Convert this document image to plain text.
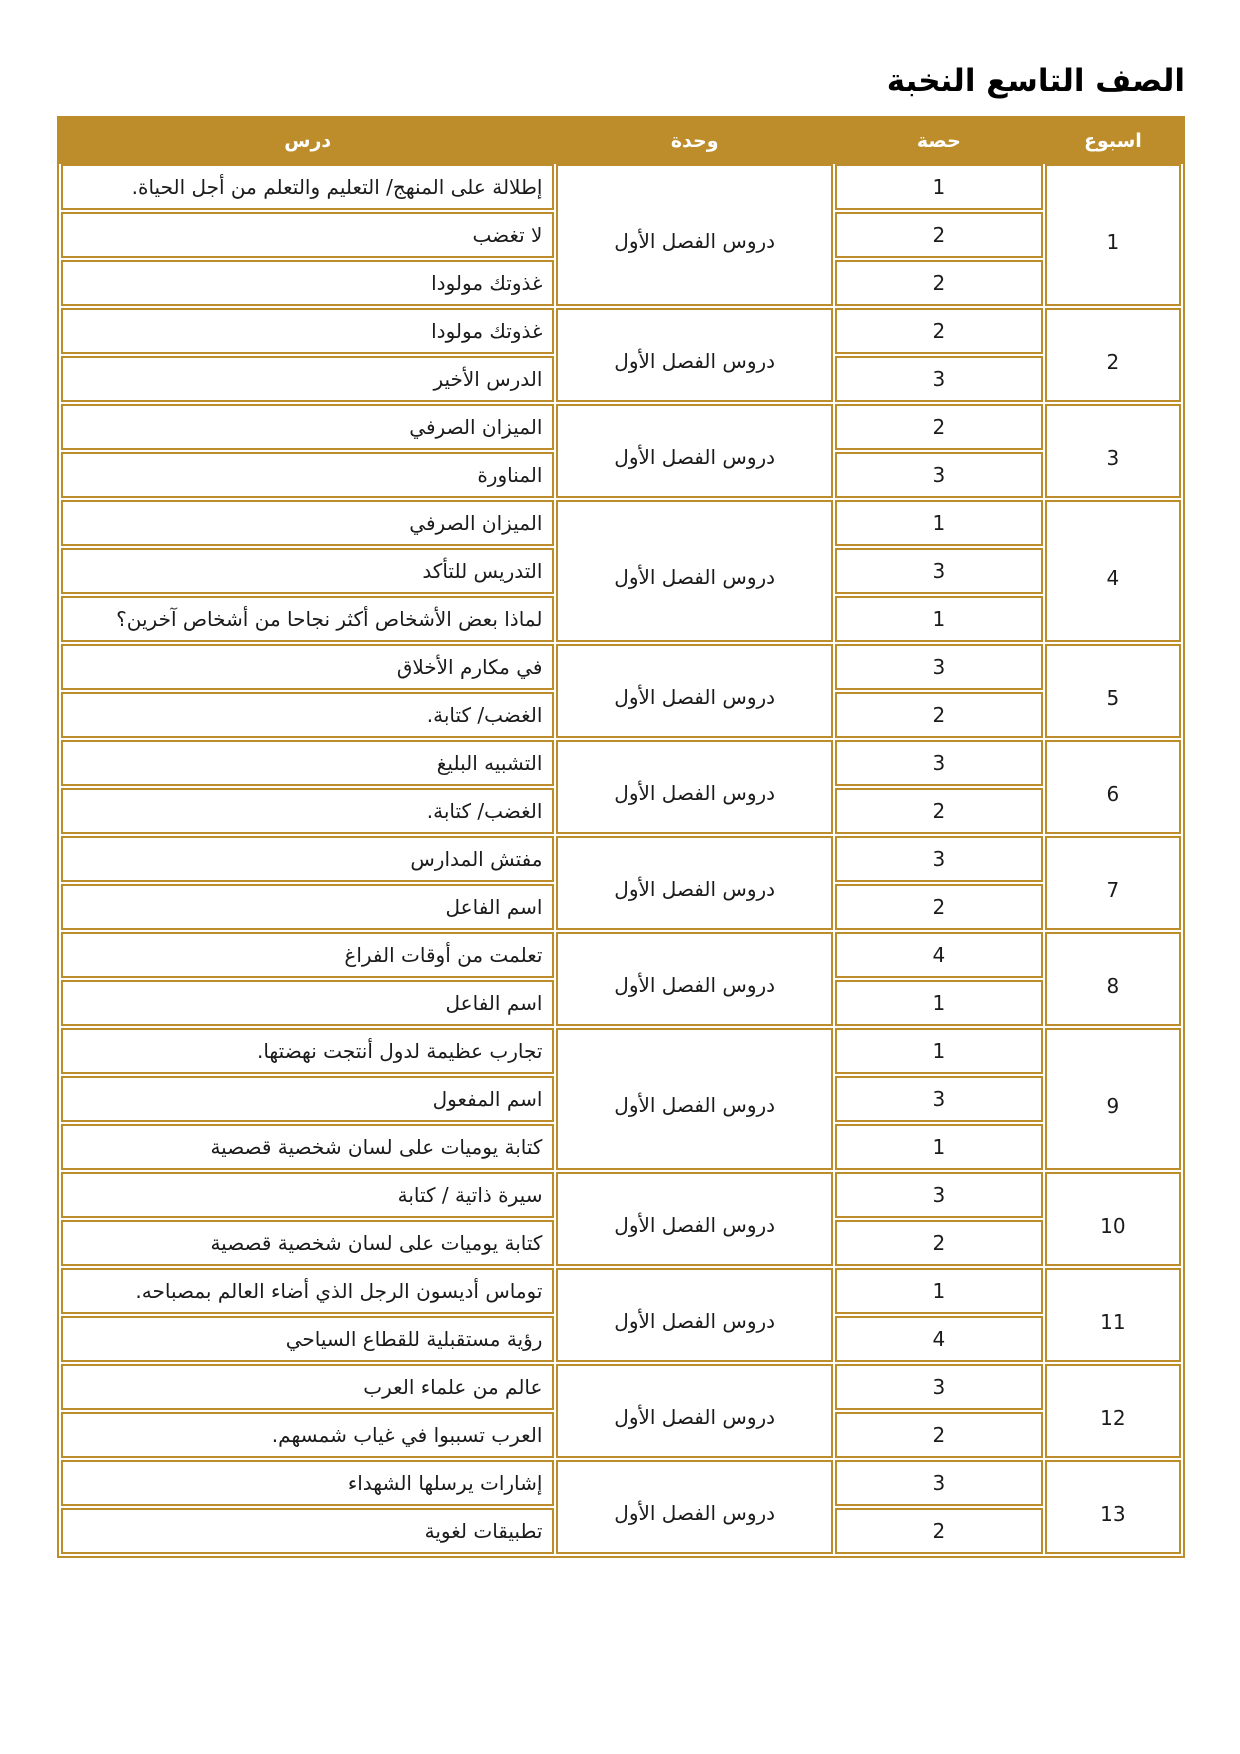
الصف التاسع النخبة
اسبوع	حصة	وحدة	درس
1	1	دروس الفصل الأول	إطلالة على المنهج/ التعليم والتعلم من أجل الحياة.
	2		لا تغضب
	2		غذوتك مولودا
2	2	دروس الفصل الأول	غذوتك مولودا
	3		الدرس الأخير
3	2	دروس الفصل الأول	الميزان الصرفي
	3		المناورة
4	1	دروس الفصل الأول	الميزان الصرفي
	3		التدريس للتأكد
	1		لماذا بعض الأشخاص أكثر نجاحا من أشخاص آخرين؟
5	3	دروس الفصل الأول	في مكارم الأخلاق
	2		الغضب/ كتابة.
6	3	دروس الفصل الأول	التشبيه البليغ
	2		الغضب/ كتابة.
7	3	دروس الفصل الأول	مفتش المدارس
	2		اسم الفاعل
8	4	دروس الفصل الأول	تعلمت من أوقات الفراغ
	1		اسم الفاعل
9	1	دروس الفصل الأول	تجارب عظيمة لدول أنتجت نهضتها.
	3		اسم المفعول
	1		كتابة يوميات على لسان شخصية قصصية
10	3	دروس الفصل الأول	سيرة ذاتية / كتابة
	2		كتابة يوميات على لسان شخصية قصصية
11	1	دروس الفصل الأول	توماس أديسون الرجل الذي أضاء العالم بمصباحه.
	4		رؤية مستقبلية للقطاع السياحي
12	3	دروس الفصل الأول	عالم من علماء العرب
	2		العرب تسببوا في غياب شمسهم.
13	3	دروس الفصل الأول	إشارات يرسلها الشهداء
	2		تطبيقات لغوية
